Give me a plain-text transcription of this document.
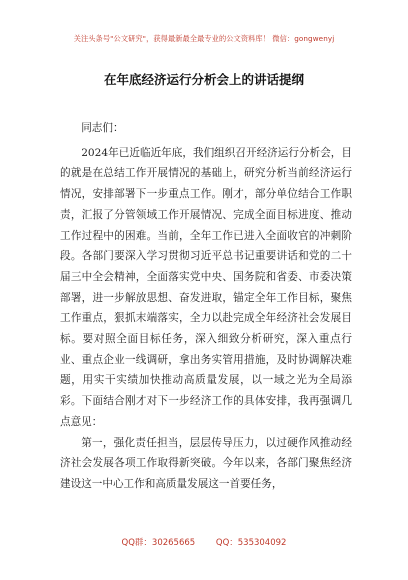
关注头条号"公文研究"，获得最新最全最专业的公文资料库！ 微信：gongwenyj
在年底经济运行分析会上的讲话提纲

同志们：

2024年已近临近年底，我们组织召开经济运行分析会，目的就是在总结工作开展情况的基础上，研究分析当前经济运行情况，安排部署下一步重点工作。刚才，部分单位结合工作职责，汇报了分管领域工作开展情况、完成全面目标进度、推动工作过程中的困难。当前，全年工作已进入全面收官的冲刺阶段。各部门要深入学习贯彻习近平总书记重要讲话和党的二十届三中全会精神，全面落实党中央、国务院和省委、市委决策部署，进一步解放思想、奋发进取，锚定全年工作目标，聚焦工作重点，狠抓末端落实，全力以赴完成全年经济社会发展目标。要对照全面目标任务，深入细致分析研究，深入重点行业、重点企业一线调研，拿出务实管用措施，及时协调解决难题，用实干实绩加快推动高质量发展，以一域之光为全局添彩。下面结合刚才对下一步经济工作的具体安排，我再强调几点意见：

第一，强化责任担当，层层传导压力，以过硬作风推动经济社会发展各项工作取得新突破。今年以来，各部门聚焦经济建设这一中心工作和高质量发展这一首要任务，

QQ群：30265665 QQ：535304092
